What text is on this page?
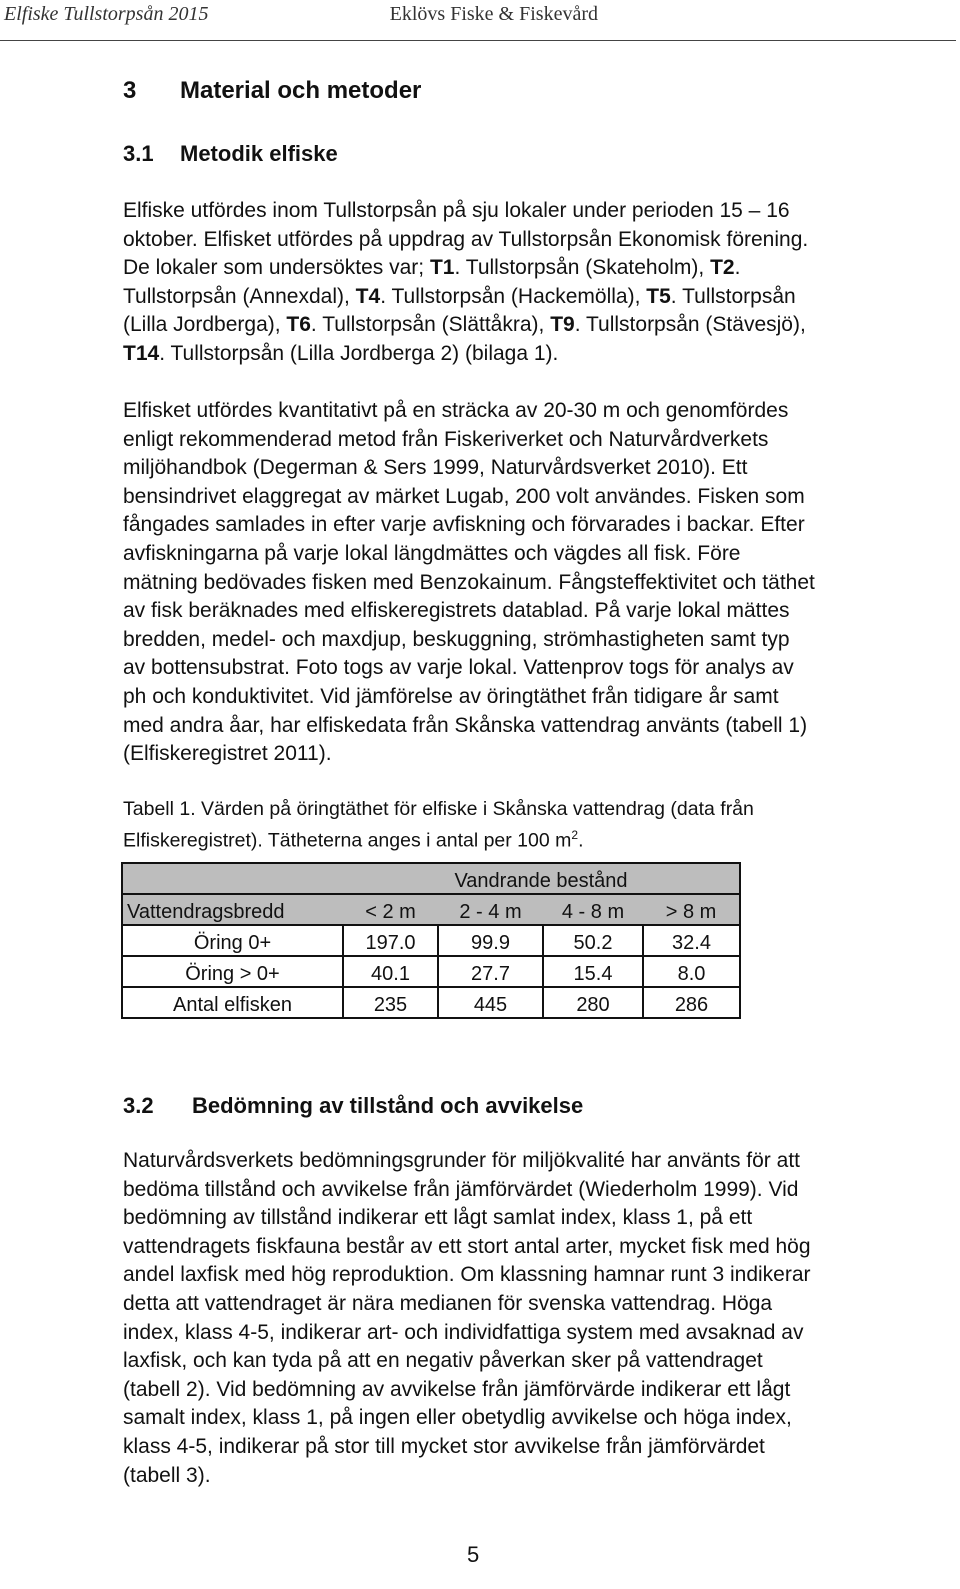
Elfiske Tullstorpsån 2015	Eklövs Fiske & Fiskevård
3 Material och metoder
3.1 Metodik elfiske
Elfiske utfördes inom Tullstorpsån på sju lokaler under perioden 15 – 16
oktober. Elfisket utfördes på uppdrag av Tullstorpsån Ekonomisk förening.
De lokaler som undersöktes var; T1. Tullstorpsån (Skateholm), T2.
Tullstorpsån (Annexdal), T4. Tullstorpsån (Hackemölla), T5. Tullstorpsån
(Lilla Jordberga), T6. Tullstorpsån (Slättåkra), T9. Tullstorpsån (Stävesjö),
T14. Tullstorpsån (Lilla Jordberga 2) (bilaga 1).
Elfisket utfördes kvantitativt på en sträcka av 20-30 m och genomfördes
enligt rekommenderad metod från Fiskeriverket och Naturvårdverkets
miljöhandbok (Degerman & Sers 1999, Naturvårdsverket 2010). Ett
bensindrivet elaggregat av märket Lugab, 200 volt användes. Fisken som
fångades samlades in efter varje avfiskning och förvarades i backar. Efter
avfiskningarna på varje lokal längdmättes och vägdes all fisk. Före
mätning bedövades fisken med Benzokainum. Fångsteffektivitet och täthet
av fisk beräknades med elfiskeregistrets datablad. På varje lokal mättes
bredden, medel- och maxdjup, beskuggning, strömhastigheten samt typ
av bottensubstrat. Foto togs av varje lokal. Vattenprov togs för analys av
ph och konduktivitet. Vid jämförelse av öringtäthet från tidigare år samt
med andra åar, har elfiskedata från Skånska vattendrag använts (tabell 1)
(Elfiskeregistret 2011).
Tabell 1. Värden på öringtäthet för elfiske i Skånska vattendrag (data från
Elfiskeregistret). Tätheterna anges i antal per 100 $m^2$.
	Vandrande bestånd			
Vattendragsbredd	< 2 m	2 - 4 m	4 - 8 m	> 8 m
Öring 0+	197.0	99.9	50.2	32.4
Öring > 0+	40.1	27.7	15.4	8.0
Antal elfisken	235	445	280	286
3.2 Bedömning av tillstånd och avvikelse
Naturvårdsverkets bedömningsgrunder för miljökvalité har använts för att
bedöma tillstånd och avvikelse från jämförvärdet (Wiederholm 1999). Vid
bedömning av tillstånd indikerar ett lågt samlat index, klass 1, på ett
vattendragets fiskfauna består av ett stort antal arter, mycket fisk med hög
andel laxfisk med hög reproduktion. Om klassning hamnar runt 3 indikerar
detta att vattendraget är nära medianen för svenska vattendrag. Höga
index, klass 4-5, indikerar art- och individfattiga system med avsaknad av
laxfisk, och kan tyda på att en negativ påverkan sker på vattendraget
(tabell 2). Vid bedömning av avvikelse från jämförvärde indikerar ett lågt
samalt index, klass 1, på ingen eller obetydlig avvikelse och höga index,
klass 4-5, indikerar på stor till mycket stor avvikelse från jämförvärdet
(tabell 3).
5
